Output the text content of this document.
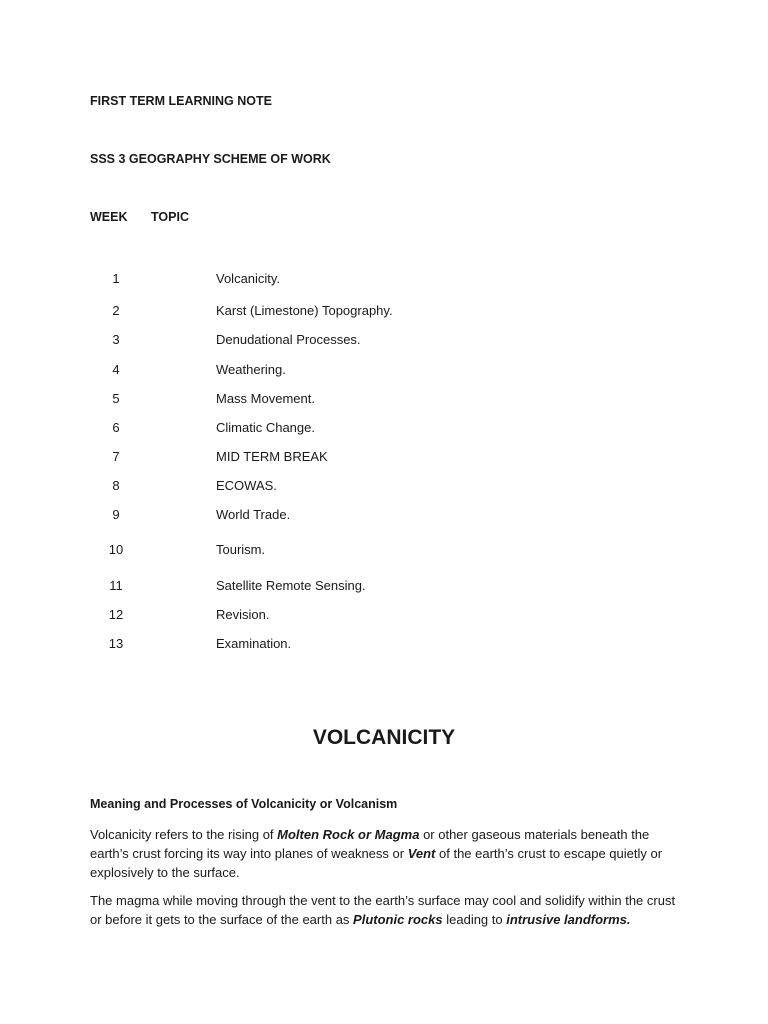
FIRST TERM LEARNING NOTE
SSS 3 GEOGRAPHY SCHEME OF WORK
WEEK TOPIC
1	Volcanicity.
2	Karst (Limestone) Topography.
3	Denudational Processes.
4	Weathering.
5	Mass Movement.
6	Climatic Change.
7	MID TERM BREAK
8	ECOWAS.
9	World Trade.
10	Tourism.
11	Satellite Remote Sensing.
12	Revision.
13	Examination.
VOLCANICITY
Meaning and Processes of Volcanicity or Volcanism
Volcanicity refers to the rising of Molten Rock or Magma or other gaseous materials beneath the earth’s crust forcing its way into planes of weakness or Vent of the earth’s crust to escape quietly or explosively to the surface.
The magma while moving through the vent to the earth’s surface may cool and solidify within the crust or before it gets to the surface of the earth as Plutonic rocks leading to intrusive landforms.
